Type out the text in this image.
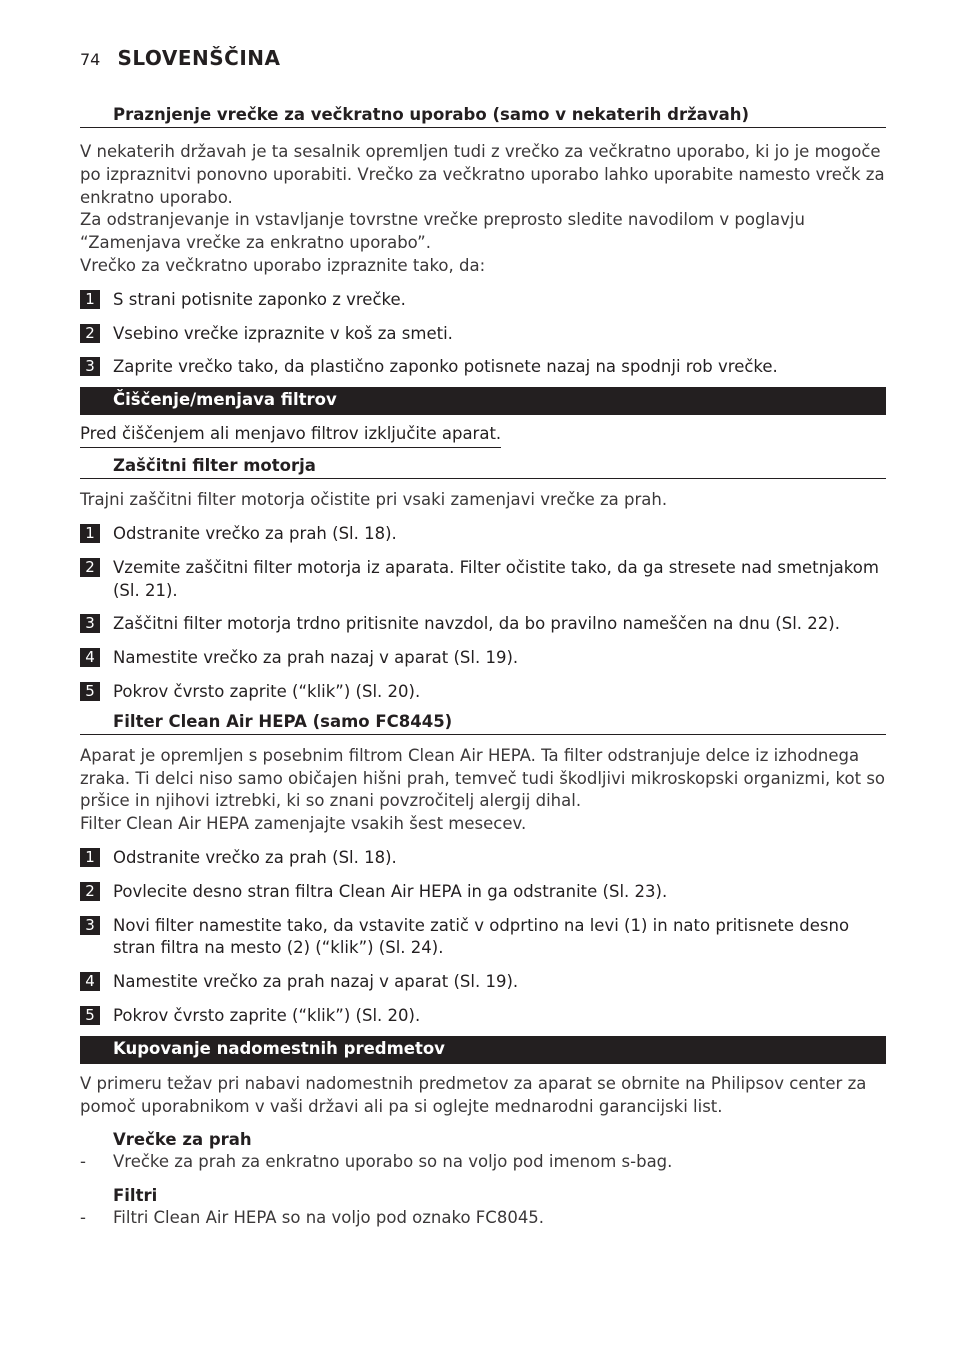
74 SLOVENŠČINA
Praznjenje vrečke za večkratno uporabo (samo v nekaterih državah)
V nekaterih državah je ta sesalnik opremljen tudi z vrečko za večkratno uporabo, ki jo je mogoče po izpraznitvi ponovno uporabiti. Vrečko za večkratno uporabo lahko uporabite namesto vrečk za enkratno uporabo.
Za odstranjevanje in vstavljanje tovrstne vrečke preprosto sledite navodilom v poglavju “Zamenjava vrečke za enkratno uporabo”.
Vrečko za večkratno uporabo izpraznite tako, da:
1	S strani potisnite zaponko z vrečke.
2	Vsebino vrečke izpraznite v koš za smeti.
3	Zaprite vrečko tako, da plastično zaponko potisnete nazaj na spodnji rob vrečke.
Čiščenje/menjava filtrov
Pred čiščenjem ali menjavo filtrov izključite aparat.
Zaščitni filter motorja
Trajni zaščitni filter motorja očistite pri vsaki zamenjavi vrečke za prah.
1	Odstranite vrečko za prah (Sl. 18).
2	Vzemite zaščitni filter motorja iz aparata. Filter očistite tako, da ga stresete nad smetnjakom (Sl. 21).
3	Zaščitni filter motorja trdno pritisnite navzdol, da bo pravilno nameščen na dnu (Sl. 22).
4	Namestite vrečko za prah nazaj v aparat (Sl. 19).
5	Pokrov čvrsto zaprite (“klik”) (Sl. 20).
Filter Clean Air HEPA (samo FC8445)
Aparat je opremljen s posebnim filtrom Clean Air HEPA. Ta filter odstranjuje delce iz izhodnega zraka. Ti delci niso samo običajen hišni prah, temveč tudi škodljivi mikroskopski organizmi, kot so pršice in njihovi iztrebki, ki so znani povzročitelj alergij dihal.
Filter Clean Air HEPA zamenjajte vsakih šest mesecev.
1	Odstranite vrečko za prah (Sl. 18).
2	Povlecite desno stran filtra Clean Air HEPA in ga odstranite (Sl. 23).
3	Novi filter namestite tako, da vstavite zatič v odprtino na levi (1) in nato pritisnete desno stran filtra na mesto (2) (“klik”) (Sl. 24).
4	Namestite vrečko za prah nazaj v aparat (Sl. 19).
5	Pokrov čvrsto zaprite (“klik”) (Sl. 20).
Kupovanje nadomestnih predmetov
V primeru težav pri nabavi nadomestnih predmetov za aparat se obrnite na Philipsov center za pomoč uporabnikom v vaši državi ali pa si oglejte mednarodni garancijski list.
Vrečke za prah
-	Vrečke za prah za enkratno uporabo so na voljo pod imenom s-bag.
Filtri
-	Filtri Clean Air HEPA so na voljo pod oznako FC8045.
